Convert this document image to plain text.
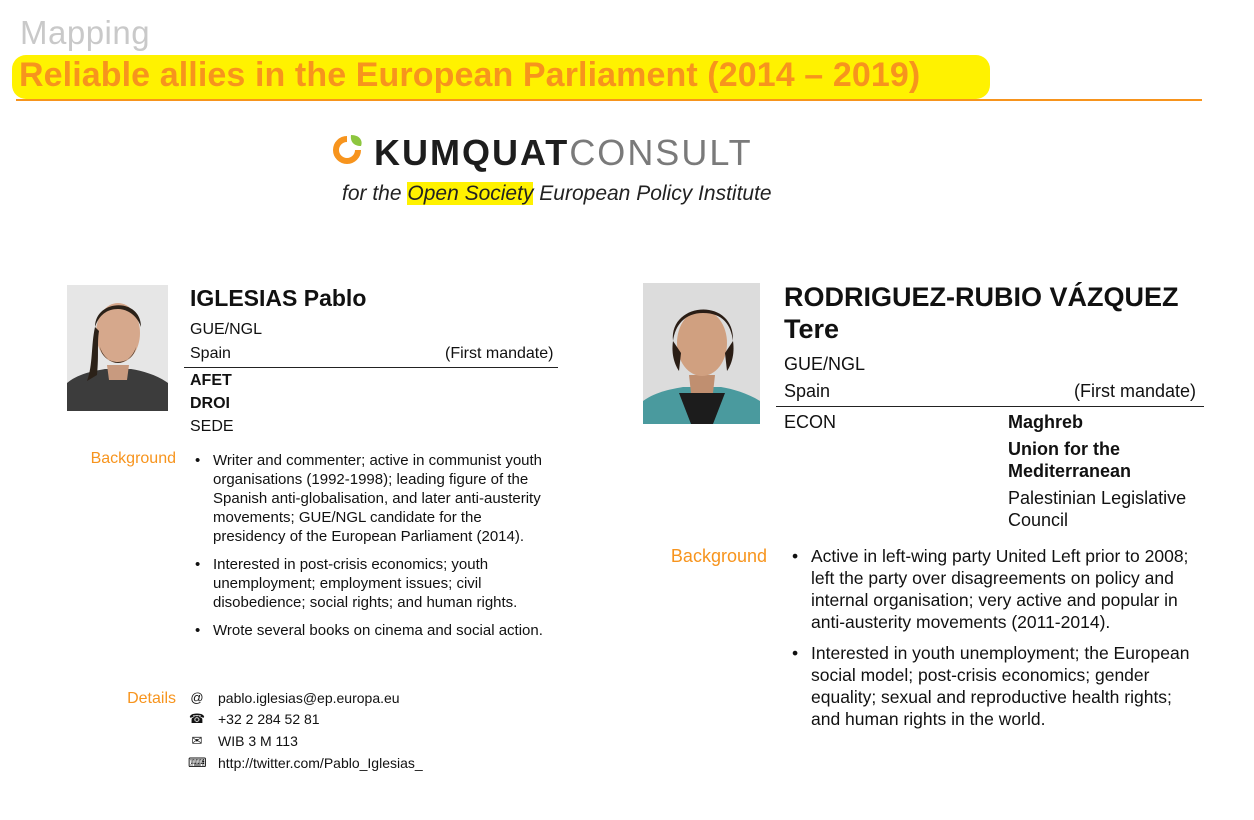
Mapping
Reliable allies in the European Parliament (2014 – 2019)
KUMQUATCONSULT
for the Open Society European Policy Institute
IGLESIAS Pablo
GUE/NGL
Spain	(First mandate)
AFET
DROI
SEDE
Background	• Writer and commenter; active in communist youth organisations (1992-1998); leading figure of the Spanish anti-globalisation, and later anti-austerity movements; GUE/NGL candidate for the presidency of the European Parliament (2014).
• Interested in post-crisis economics; youth unemployment; employment issues; civil disobedience; social rights; and human rights.
• Wrote several books on cinema and social action.
Details @ pablo.iglesias@ep.europa.eu
☎ +32 2 284 52 81
✉ WIB 3 M 113
⌨ http://twitter.com/Pablo_Iglesias_
RODRIGUEZ-RUBIO VÁZQUEZ
Tere
GUE/NGL
Spain	(First mandate)
ECON	Maghreb
Union for the Mediterranean
Palestinian Legislative Council
Background	• Active in left-wing party United Left prior to 2008; left the party over disagreements on policy and internal organisation; very active and popular in anti-austerity movements (2011-2014).
• Interested in youth unemployment; the European social model; post-crisis economics; gender equality; sexual and reproductive health rights; and human rights in the world.
